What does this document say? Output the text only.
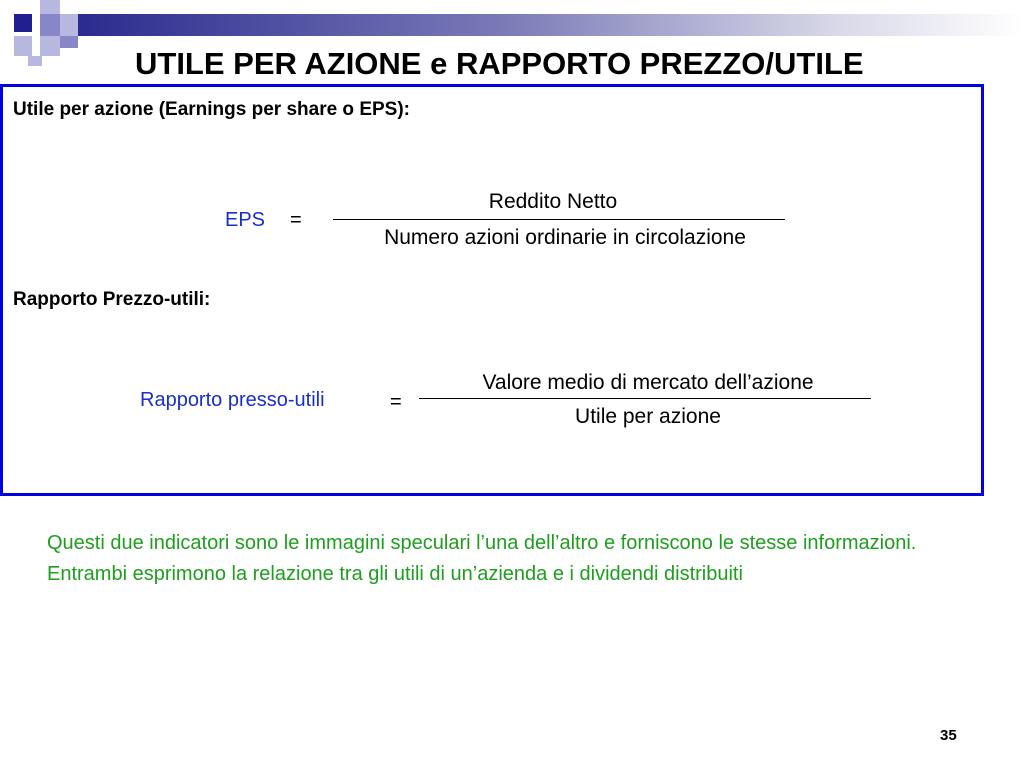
UTILE PER AZIONE e RAPPORTO PREZZO/UTILE
Utile per azione (Earnings per share o EPS):
EPS =
Reddito Netto
Numero azioni ordinarie in circolazione
Rapporto Prezzo-utili:
Rapporto presso-utili	=
Valore medio di mercato dell’azione
Utile per azione
Questi due indicatori sono le immagini speculari l’una dell’altro e forniscono le stesse informazioni. Entrambi esprimono la relazione tra gli utili di un’azienda e i dividendi distribuiti
35
